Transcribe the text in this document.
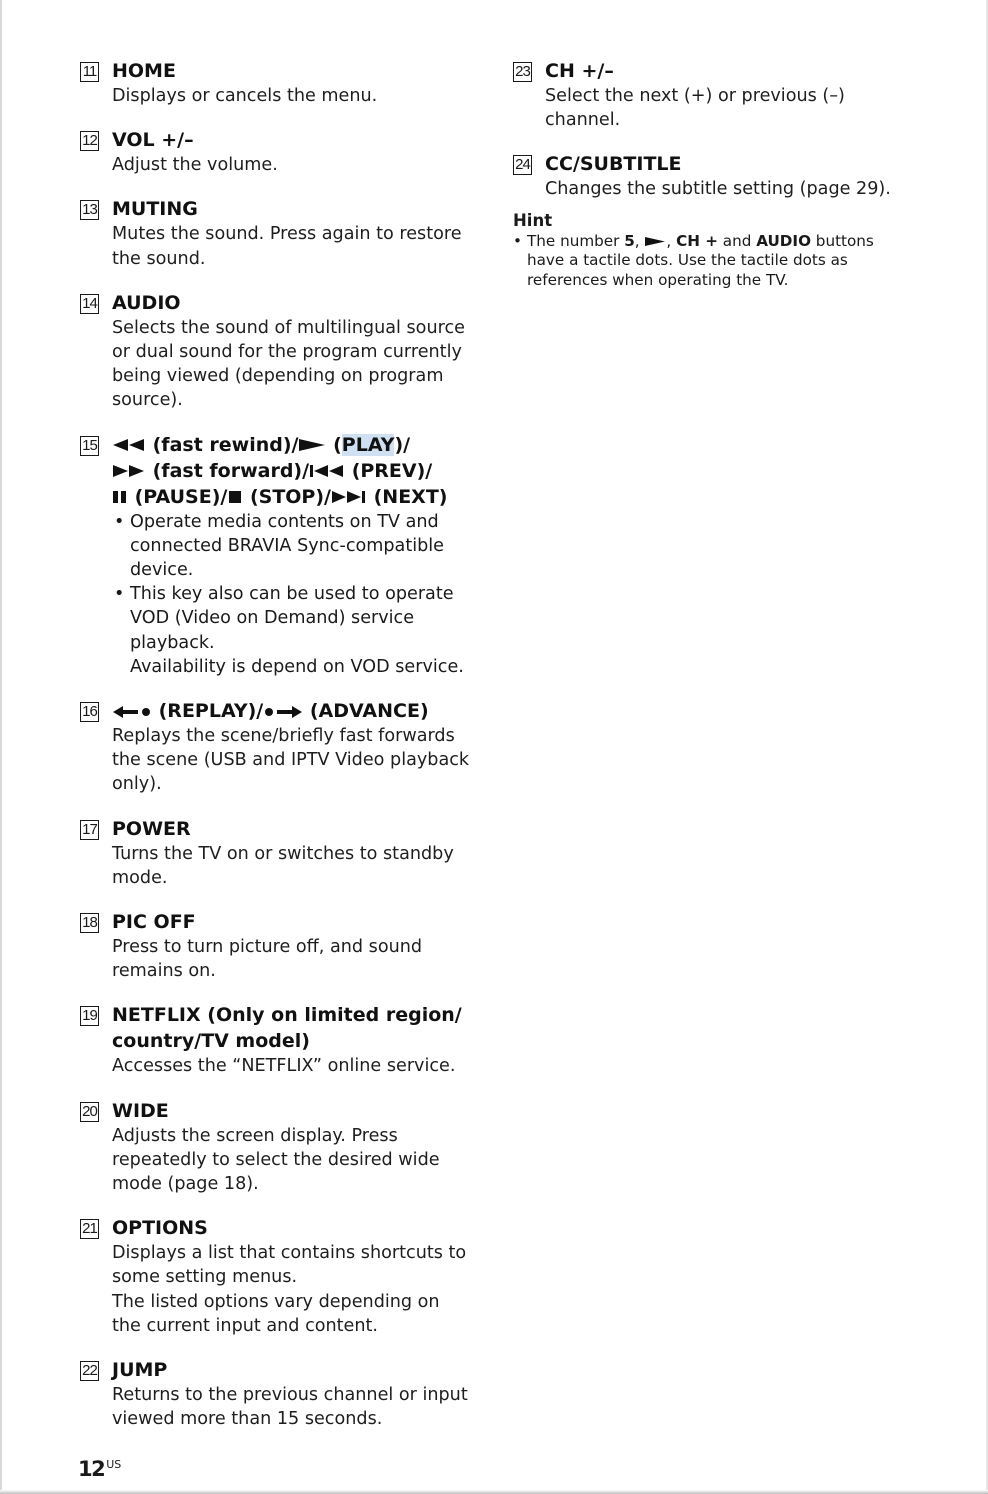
11 HOME
Displays or cancels the menu.
12 VOL +/–
Adjust the volume.
13 MUTING
Mutes the sound. Press again to restore the sound.
14 AUDIO
Selects the sound of multilingual source or dual sound for the program currently being viewed (depending on program source).
15	(fast rewind)/ (PLAY)/
(fast forward)/ (PREV)/
(PAUSE)/ (STOP)/ (NEXT)
• Operate media contents on TV and connected BRAVIA Sync-compatible device.
• This key also can be used to operate VOD (Video on Demand) service playback.
Availability is depend on VOD service.
16	(REPLAY)/ (ADVANCE)
Replays the scene/briefly fast forwards the scene (USB and IPTV Video playback only).
17 POWER
Turns the TV on or switches to standby mode.
18 PIC OFF
Press to turn picture off, and sound remains on.
19 NETFLIX (Only on limited region/ country/TV model)
Accesses the “NETFLIX” online service.
20 WIDE
Adjusts the screen display. Press repeatedly to select the desired wide mode (page 18).
21 OPTIONS
Displays a list that contains shortcuts to some setting menus.
The listed options vary depending on the current input and content.
22 JUMP
Returns to the previous channel or input viewed more than 15 seconds.
23 CH +/–
Select the next (+) or previous (–) channel.
24 CC/SUBTITLE
Changes the subtitle setting (page 29).
Hint
• The number 5, , CH + and AUDIO buttons have a tactile dots. Use the tactile dots as references when operating the TV.
12 $^{US}$
